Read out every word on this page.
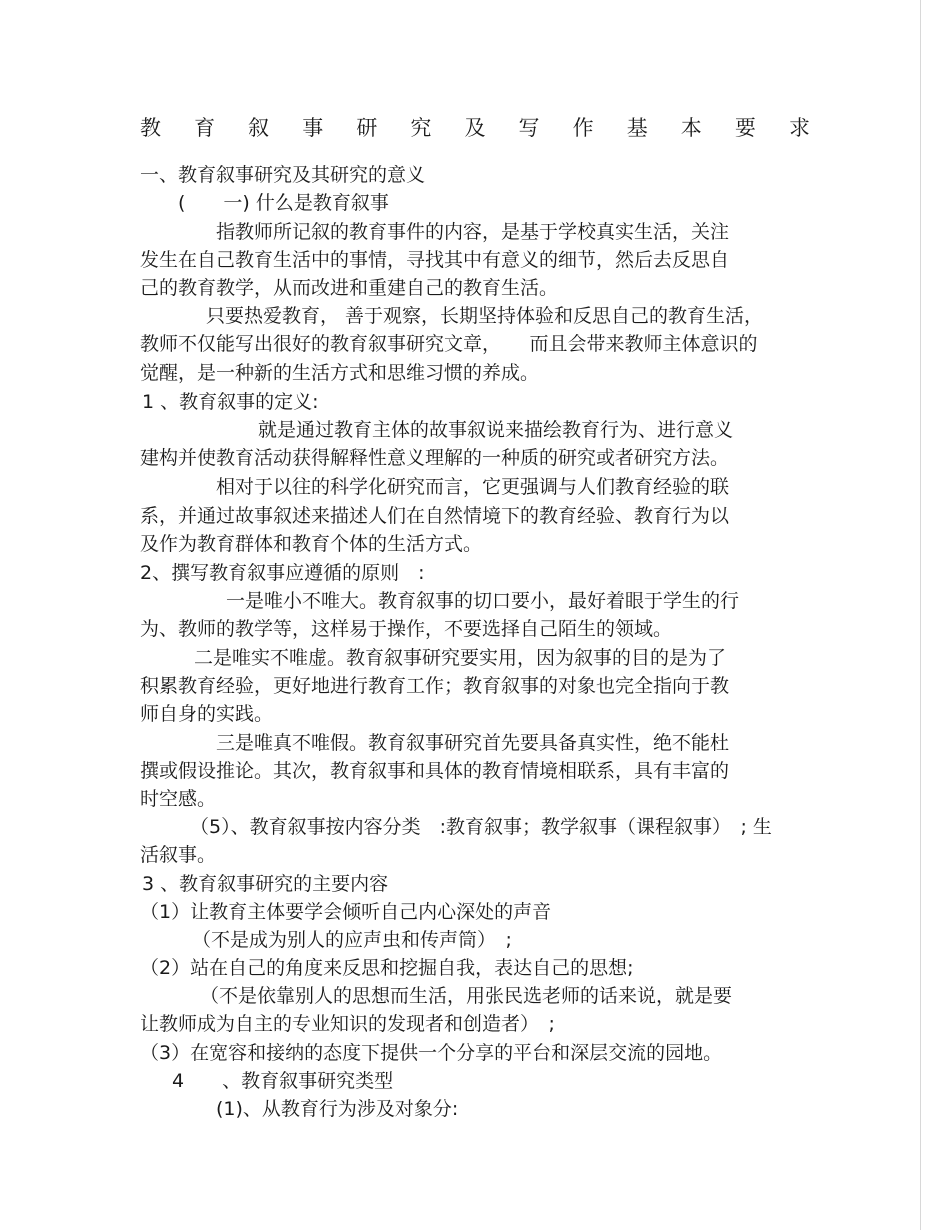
教 育 叙 事 研 究 及 写 作 基 本 要 求
一、教育叙事研究及其研究的意义
(　　一) 什么是教育叙事
指教师所记叙的教育事件的内容，是基于学校真实生活，关注
发生在自己教育生活中的事情，寻找其中有意义的细节，然后去反思自
己的教育教学，从而改进和重建自己的教育生活。
只要热爱教育， 善于观察，长期坚持体验和反思自己的教育生活，
教师不仅能写出很好的教育叙事研究文章，　　而且会带来教师主体意识的
觉醒，是一种新的生活方式和思维习惯的养成。
1 、教育叙事的定义:
就是通过教育主体的故事叙说来描绘教育行为、进行意义
建构并使教育活动获得解释性意义理解的一种质的研究或者研究方法。
相对于以往的科学化研究而言，它更强调与人们教育经验的联
系，并通过故事叙述来描述人们在自然情境下的教育经验、教育行为以
及作为教育群体和教育个体的生活方式。
2、撰写教育叙事应遵循的原则　:
一是唯小不唯大。教育叙事的切口要小，最好着眼于学生的行
为、教师的教学等，这样易于操作，不要选择自己陌生的领域。
二是唯实不唯虚。教育叙事研究要实用，因为叙事的目的是为了
积累教育经验，更好地进行教育工作；教育叙事的对象也完全指向于教
师自身的实践。
三是唯真不唯假。教育叙事研究首先要具备真实性，绝不能杜
撰或假设推论。其次，教育叙事和具体的教育情境相联系，具有丰富的
时空感。
（5）、教育叙事按内容分类　:教育叙事；教学叙事（课程叙事）　; 生
活叙事。
3 、教育叙事研究的主要内容
（1）让教育主体要学会倾听自己内心深处的声音
（不是成为别人的应声虫和传声筒）　;
（2）站在自己的角度来反思和挖掘自我，表达自己的思想;
（不是依靠别人的思想而生活，用张民选老师的话来说，就是要
让教师成为自主的专业知识的发现者和创造者）　;
（3）在宽容和接纳的态度下提供一个分享的平台和深层交流的园地。
4　　、教育叙事研究类型
(1)、从教育行为涉及对象分:
